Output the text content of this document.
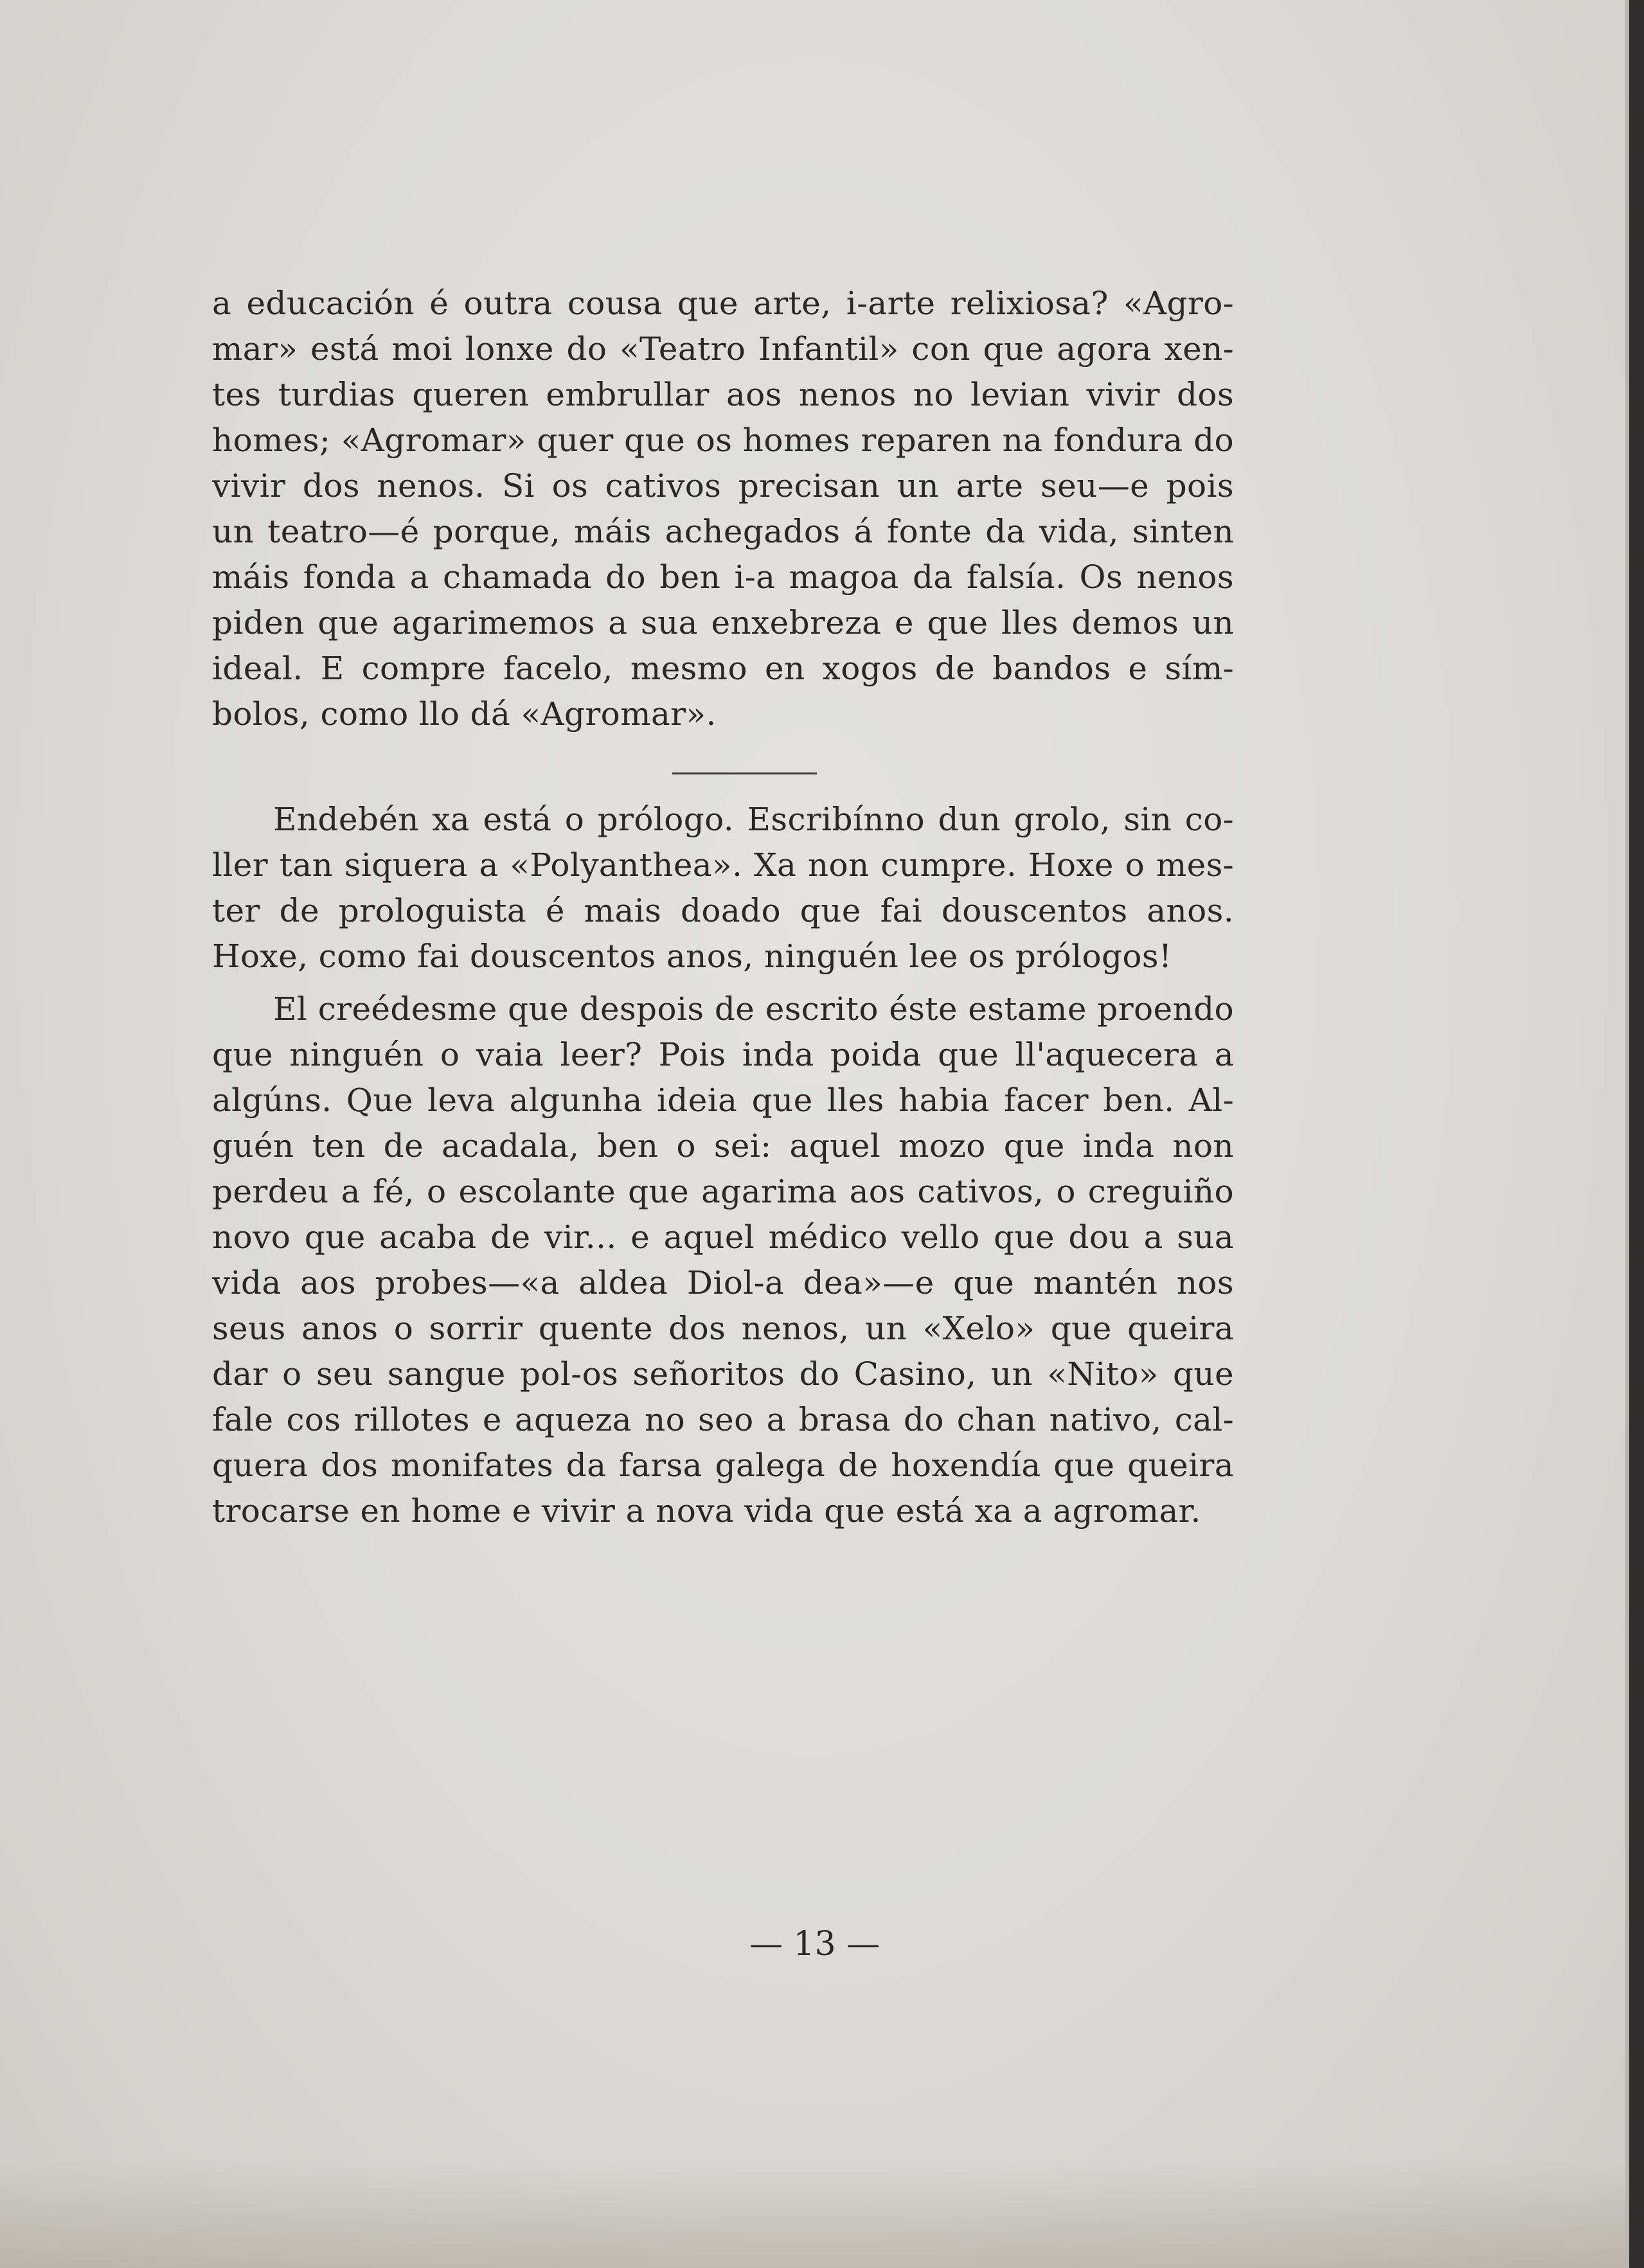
a educación é outra cousa que arte, i-arte relixiosa? «Agro-
mar» está moi lonxe do «Teatro Infantil» con que agora xen-
tes turdias queren embrullar aos nenos no levian vivir dos
homes; «Agromar» quer que os homes reparen na fondura do
vivir dos nenos. Si os cativos precisan un arte seu—e pois
un teatro—é porque, máis achegados á fonte da vida, sinten
máis fonda a chamada do ben i-a magoa da falsía. Os nenos
piden que agarimemos a sua enxebreza e que lles demos un
ideal. E compre facelo, mesmo en xogos de bandos e sím-
bolos, como llo dá «Agromar».
Endebén xa está o prólogo. Escribínno dun grolo, sin co-
ller tan siquera a «Polyanthea». Xa non cumpre. Hoxe o mes-
ter de prologuista é mais doado que fai douscentos anos.
Hoxe, como fai douscentos anos, ninguén lee os prólogos!
El creédesme que despois de escrito éste estame proendo
que ninguén o vaia leer? Pois inda poida que ll'aquecera a
algúns. Que leva algunha ideia que lles habia facer ben. Al-
guén ten de acadala, ben o sei: aquel mozo que inda non
perdeu a fé, o escolante que agarima aos cativos, o creguiño
novo que acaba de vir... e aquel médico vello que dou a sua
vida aos probes—«a aldea Diol-a dea»—e que mantén nos
seus anos o sorrir quente dos nenos, un «Xelo» que queira
dar o seu sangue pol-os señoritos do Casino, un «Nito» que
fale cos rillotes e aqueza no seo a brasa do chan nativo, cal-
quera dos monifates da farsa galega de hoxendía que queira
trocarse en home e vivir a nova vida que está xa a agromar.
— 13 —
